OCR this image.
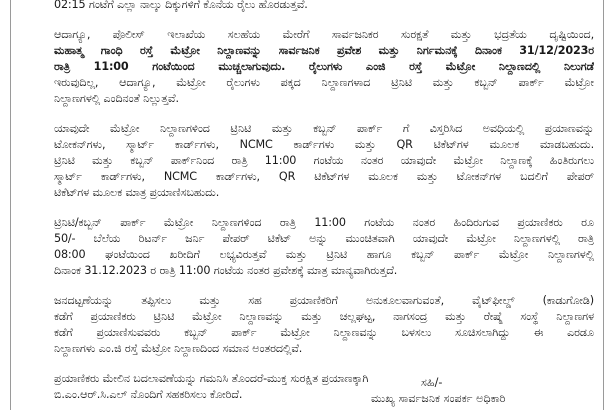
02:15 ಗಂಟೆಗೆ ಎಲ್ಲಾ ನಾಲ್ಕು ದಿಕ್ಕುಗಳಿಗೆ ಕೊನೆಯ ರೈಲು ಹೊರಡುತ್ತವೆ.
ಆದಾಗ್ಯೂ, ಪೊಲೀಸ್ ಇಲಾಖೆಯ ಸಲಹೆಯ ಮೇರೆಗೆ ಸಾರ್ವಜನಿಕರ ಸುರಕ್ಷತೆ ಮತ್ತು ಭದ್ರತೆಯ ದೃಷ್ಟಿಯಿಂದ,
ಮಹಾತ್ಮ ಗಾಂಧಿ ರಸ್ತೆ ಮೆಟ್ರೋ ನಿಲ್ದಾಣವನ್ನು ಸಾರ್ವಜನಿಕ ಪ್ರವೇಶ ಮತ್ತು ನಿರ್ಗಮನಕ್ಕೆ ದಿನಾಂಕ 31/12/2023ರ
ರಾತ್ರಿ 11:00 ಗಂಟೆಯಿಂದ ಮುಚ್ಚಲಾಗುವುದು. ರೈಲುಗಳು ಎಂಜಿ ರಸ್ತೆ ಮೆಟ್ರೋ ನಿಲ್ದಾಣದಲ್ಲಿ ನಿಲುಗಡೆ
ಇರುವುದಿಲ್ಲ, ಆದಾಗ್ಯೂ, ಮೆಟ್ರೋ ರೈಲುಗಳು ಪಕ್ಕದ ನಿಲ್ದಾಣಗಳಾದ ಟ್ರಿನಿಟಿ ಮತ್ತು ಕಬ್ಬನ್ ಪಾರ್ಕ್ ಮೆಟ್ರೋ
ನಿಲ್ದಾಣಗಳಲ್ಲಿ ಎಂದಿನಂತೆ ನಿಲ್ಲುತ್ತವೆ.
ಯಾವುದೇ ಮೆಟ್ರೋ ನಿಲ್ದಾಣಗಳಿಂದ ಟ್ರಿನಿಟಿ ಮತ್ತು ಕಬ್ಬನ್ ಪಾರ್ಕ್ ಗೆ ವಿಸ್ತರಿಸಿದ ಅವಧಿಯಲ್ಲಿ ಪ್ರಯಾಣವನ್ನು
ಟೋಕನ್‌ಗಳು, ಸ್ಮಾರ್ಟ್ ಕಾರ್ಡ್‌ಗಳು, NCMC ಕಾರ್ಡ್‌ಗಳು ಮತ್ತು QR ಟಿಕೆಟ್‌ಗಳ ಮೂಲಕ ಮಾಡಬಹುದು.
ಟ್ರಿನಿಟಿ ಮತ್ತು ಕಬ್ಬನ್ ಪಾರ್ಕ್‌ನಿಂದ ರಾತ್ರಿ 11:00 ಗಂಟೆಯ ನಂತರ ಯಾವುದೇ ಮೆಟ್ರೋ ನಿಲ್ದಾಣಕ್ಕೆ ಹಿಂತಿರುಗಲು
ಸ್ಮಾರ್ಟ್ ಕಾರ್ಡ್‌ಗಳು, NCMC ಕಾರ್ಡ್‌ಗಳು, QR ಟಿಕೆಟ್‌ಗಳ ಮೂಲಕ ಮತ್ತು ಟೋಕನ್‌ಗಳ ಬದಲಿಗೆ ಪೇಪರ್
ಟಿಕೆಟ್‌ಗಳ ಮೂಲಕ ಮಾತ್ರ ಪ್ರಯಾಣಿಸಬಹುದು.
ಟ್ರಿನಿಟಿ/ಕಬ್ಬನ್ ಪಾರ್ಕ್ ಮೆಟ್ರೋ ನಿಲ್ದಾಣಗಳಿಂದ ರಾತ್ರಿ 11:00 ಗಂಟೆಯ ನಂತರ ಹಿಂದಿರುಗುವ ಪ್ರಯಾಣಿಕರು ರೂ
50/- ಬೆಲೆಯ ರಿಟರ್ನ್ ಜರ್ನಿ ಪೇಪರ್ ಟಿಕೆಟ್ ಅನ್ನು ಮುಂಚಿತವಾಗಿ ಯಾವುದೇ ಮೆಟ್ರೋ ನಿಲ್ದಾಣಗಳಲ್ಲಿ ರಾತ್ರಿ
08:00 ಘಂಟೆಯಿಂದ ಖರೀದಿಗೆ ಲಭ್ಯವಿರುತ್ತವೆ ಮತ್ತು ಟ್ರಿನಿಟಿ ಹಾಗೂ ಕಬ್ಬನ್ ಪಾರ್ಕ್ ಮೆಟ್ರೋ ನಿಲ್ದಾಣಗಳಲ್ಲಿ
ದಿನಾಂಕ 31.12.2023 ರ ರಾತ್ರಿ 11:00 ಗಂಟೆಯ ನಂತರ ಪ್ರವೇಶಕ್ಕೆ ಮಾತ್ರ ಮಾನ್ಯವಾಗಿರುತ್ತದೆ.
ಜನದಟ್ಟಣೆಯನ್ನು ತಪ್ಪಿಸಲು ಮತ್ತು ಸಹ ಪ್ರಯಾಣಿಕರಿಗೆ ಅನುಕೂಲವಾಗುವಂತೆ, ವೈಟ್‌ಫೀಲ್ಡ್ (ಕಾಡುಗೋಡಿ)
ಕಡೆಗೆ ಪ್ರಯಾಣಿಕರು ಟ್ರಿನಿಟಿ ಮೆಟ್ರೋ ನಿಲ್ದಾಣವನ್ನು ಮತ್ತು ಚಲ್ಲಘಟ್ಟ, ನಾಗಸಂದ್ರ ಮತ್ತು ರೇಷ್ಮೆ ಸಂಸ್ಥೆ ನಿಲ್ದಾಣಗಳ
ಕಡೆಗೆ ಪ್ರಯಾಣಿಸುವವರು ಕಬ್ಬನ್ ಪಾರ್ಕ್ ಮೆಟ್ರೋ ನಿಲ್ದಾಣವನ್ನು ಬಳಸಲು ಸೂಚಿಸಲಾಗಿದ್ದು ಈ ಎರಡೂ
ನಿಲ್ದಾಣಗಳು ಎಂ.ಜಿ ರಸ್ತೆ ಮೆಟ್ರೋ ನಿಲ್ದಾಣದಿಂದ ಸಮಾನ ಅಂತರದಲ್ಲಿವೆ.
ಪ್ರಯಾಣಿಕರು ಮೇಲಿನ ಬದಲಾವಣೆಯನ್ನು ಗಮನಿಸಿ ತೊಂದರೆ-ಮುಕ್ತ ಸುರಕ್ಷಿತ ಪ್ರಯಾಣಕ್ಕಾಗಿ
ಬಿ.ಎಂ.ಆರ್.ಸಿ.ಎಲ್ ನೊಂದಿಗೆ ಸಹಕರಿಸಲು ಕೋರಿದೆ.
ಸಹಿ/-
ಮುಖ್ಯ ಸಾರ್ವಜನಿಕ ಸಂಪರ್ಕ ಅಧಿಕಾರಿ
